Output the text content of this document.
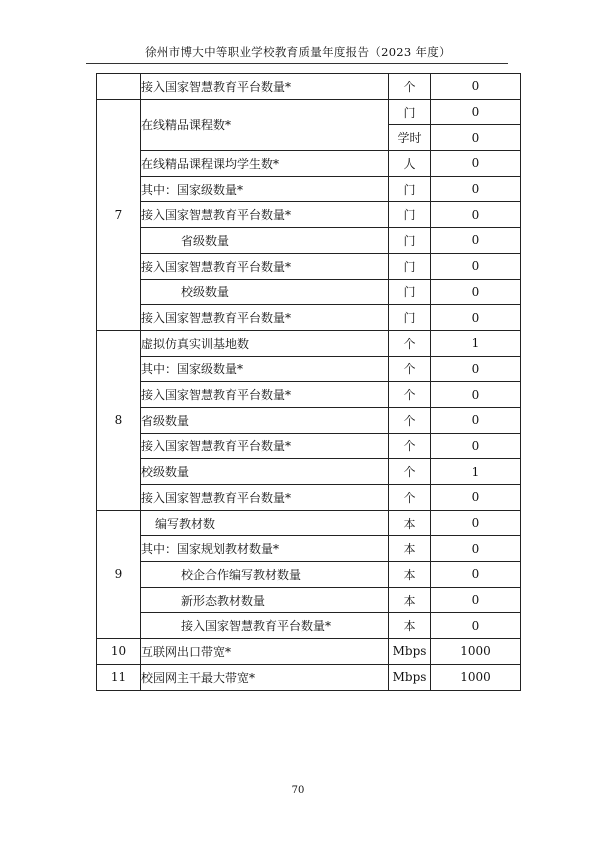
徐州市博大中等职业学校教育质量年度报告（2023 年度）
	接入国家智慧教育平台数量*	个	0
7	在线精品课程数*	门	0
		学时	0
	在线精品课程课均学生数*	人	0
	其中：国家级数量*	门	0
	接入国家智慧教育平台数量*	门	0
	省级数量	门	0
	接入国家智慧教育平台数量*	门	0
	校级数量	门	0
	接入国家智慧教育平台数量*	门	0
8	虚拟仿真实训基地数	个	1
	其中：国家级数量*	个	0
	接入国家智慧教育平台数量*	个	0
	省级数量	个	0
	接入国家智慧教育平台数量*	个	0
	校级数量	个	1
	接入国家智慧教育平台数量*	个	0
9	编写教材数	本	0
	其中：国家规划教材数量*	本	0
	校企合作编写教材数量	本	0
	新形态教材数量	本	0
	接入国家智慧教育平台数量*	本	0
10	互联网出口带宽*	Mbps	1000
11	校园网主干最大带宽*	Mbps	1000
70
